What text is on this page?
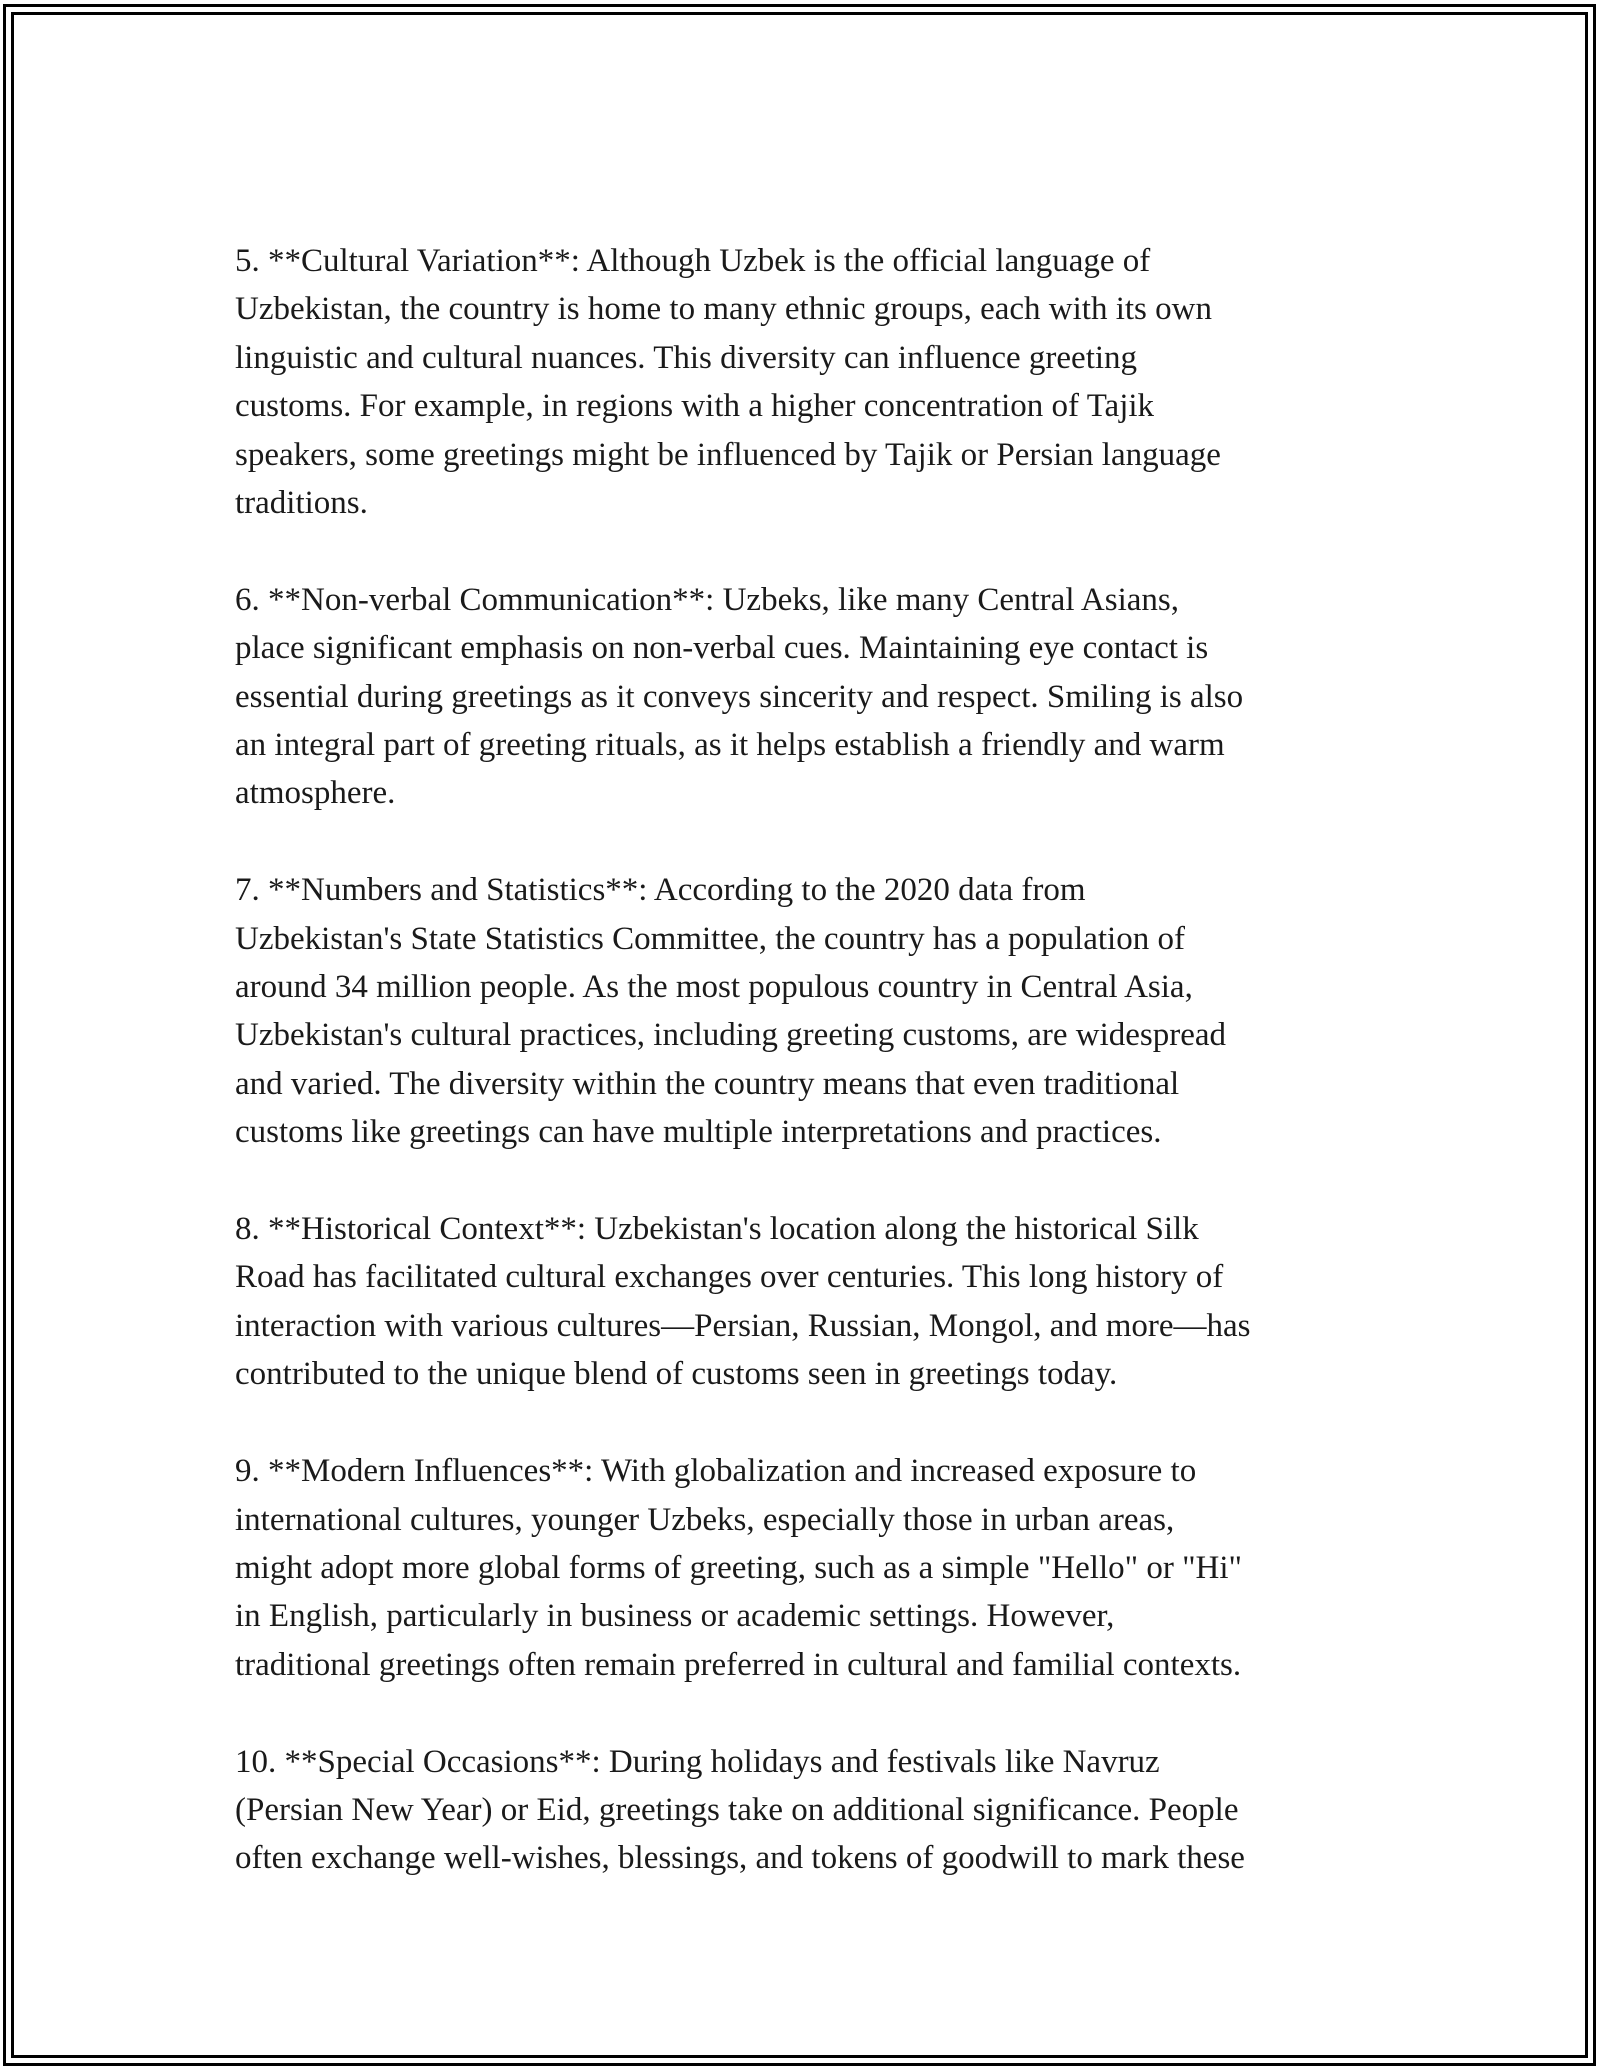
5. **Cultural Variation**: Although Uzbek is the official language of
Uzbekistan, the country is home to many ethnic groups, each with its own
linguistic and cultural nuances. This diversity can influence greeting
customs. For example, in regions with a higher concentration of Tajik
speakers, some greetings might be influenced by Tajik or Persian language
traditions.

6. **Non-verbal Communication**: Uzbeks, like many Central Asians,
place significant emphasis on non-verbal cues. Maintaining eye contact is
essential during greetings as it conveys sincerity and respect. Smiling is also
an integral part of greeting rituals, as it helps establish a friendly and warm
atmosphere.

7. **Numbers and Statistics**: According to the 2020 data from
Uzbekistan's State Statistics Committee, the country has a population of
around 34 million people. As the most populous country in Central Asia,
Uzbekistan's cultural practices, including greeting customs, are widespread
and varied. The diversity within the country means that even traditional
customs like greetings can have multiple interpretations and practices.

8. **Historical Context**: Uzbekistan's location along the historical Silk
Road has facilitated cultural exchanges over centuries. This long history of
interaction with various cultures—Persian, Russian, Mongol, and more—has
contributed to the unique blend of customs seen in greetings today.

9. **Modern Influences**: With globalization and increased exposure to
international cultures, younger Uzbeks, especially those in urban areas,
might adopt more global forms of greeting, such as a simple "Hello" or "Hi"
in English, particularly in business or academic settings. However,
traditional greetings often remain preferred in cultural and familial contexts.

10. **Special Occasions**: During holidays and festivals like Navruz
(Persian New Year) or Eid, greetings take on additional significance. People
often exchange well-wishes, blessings, and tokens of goodwill to mark these
